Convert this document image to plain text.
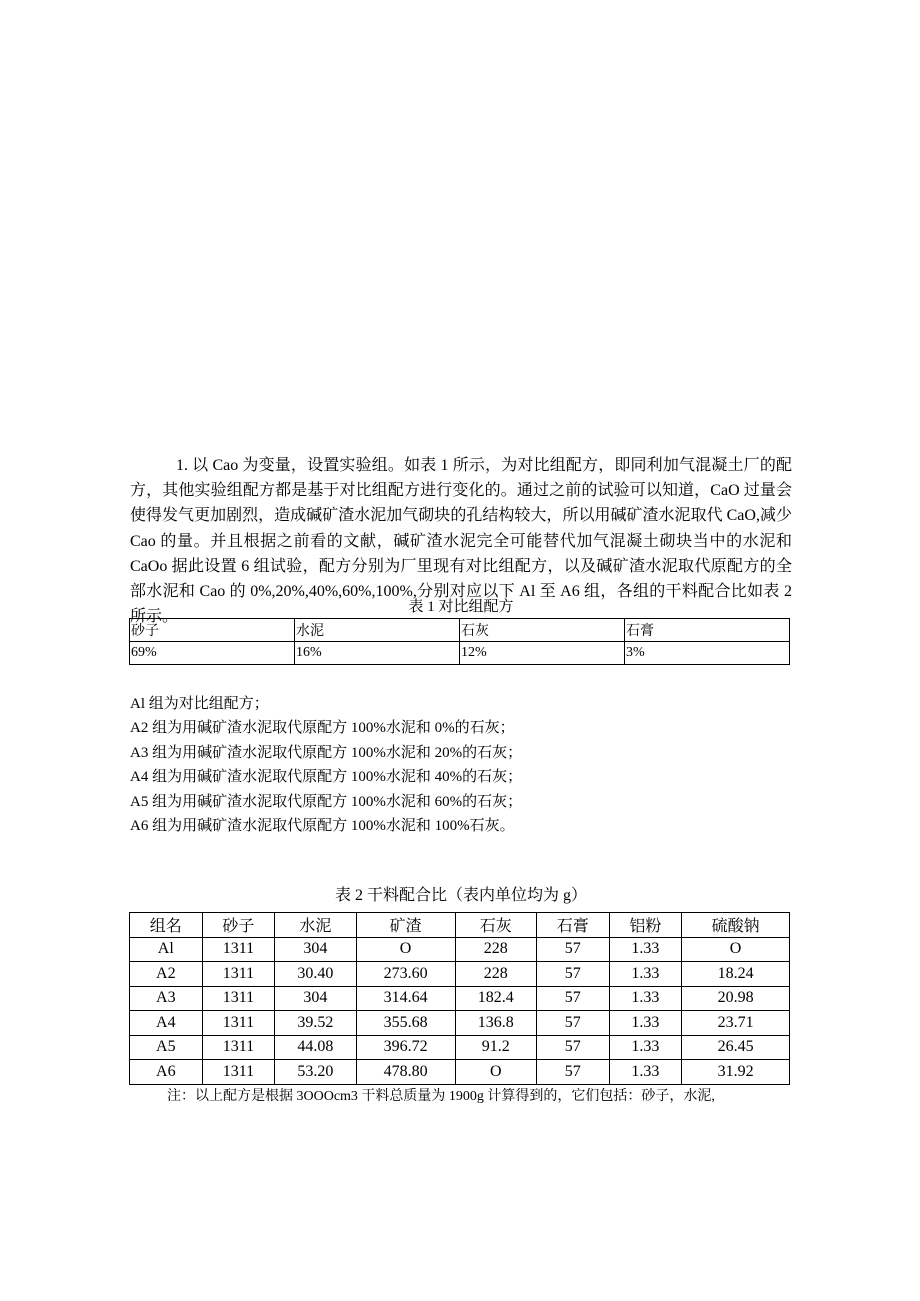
1. 以 Cao 为变量，设置实验组。如表 1 所示，为对比组配方，即同利加气混凝土厂的配方，其他实验组配方都是基于对比组配方进行变化的。通过之前的试验可以知道，CaO 过量会使得发气更加剧烈，造成碱矿渣水泥加气砌块的孔结构较大，所以用碱矿渣水泥取代 CaO,减少 Cao 的量。并且根据之前看的文献，碱矿渣水泥完全可能替代加气混凝土砌块当中的水泥和 CaOo 据此设置 6 组试验，配方分别为厂里现有对比组配方，以及碱矿渣水泥取代原配方的全部水泥和 Cao 的 0%,20%,40%,60%,100%,分别对应以下 Al 至 A6 组，各组的干料配合比如表 2 所示。

表 1 对比组配方

砂子	水泥	石灰	石膏
69%	16%	12%	3%
Al 组为对比组配方；
A2 组为用碱矿渣水泥取代原配方 100%水泥和 0%的石灰；
A3 组为用碱矿渣水泥取代原配方 100%水泥和 20%的石灰；
A4 组为用碱矿渣水泥取代原配方 100%水泥和 40%的石灰；
A5 组为用碱矿渣水泥取代原配方 100%水泥和 60%的石灰；
A6 组为用碱矿渣水泥取代原配方 100%水泥和 100%石灰。

表 2 干料配合比（表内单位均为 g）

组名	砂子	水泥	矿渣	石灰	石膏	铝粉	硫酸钠
Al	1311	304	O	228	57	1.33	O
A2	1311	30.40	273.60	228	57	1.33	18.24
A3	1311	304	314.64	182.4	57	1.33	20.98
A4	1311	39.52	355.68	136.8	57	1.33	23.71
A5	1311	44.08	396.72	91.2	57	1.33	26.45
A6	1311	53.20	478.80	O	57	1.33	31.92

注：以上配方是根据 3OOOcm3 干料总质量为 1900g 计算得到的，它们包括：砂子，水泥,
